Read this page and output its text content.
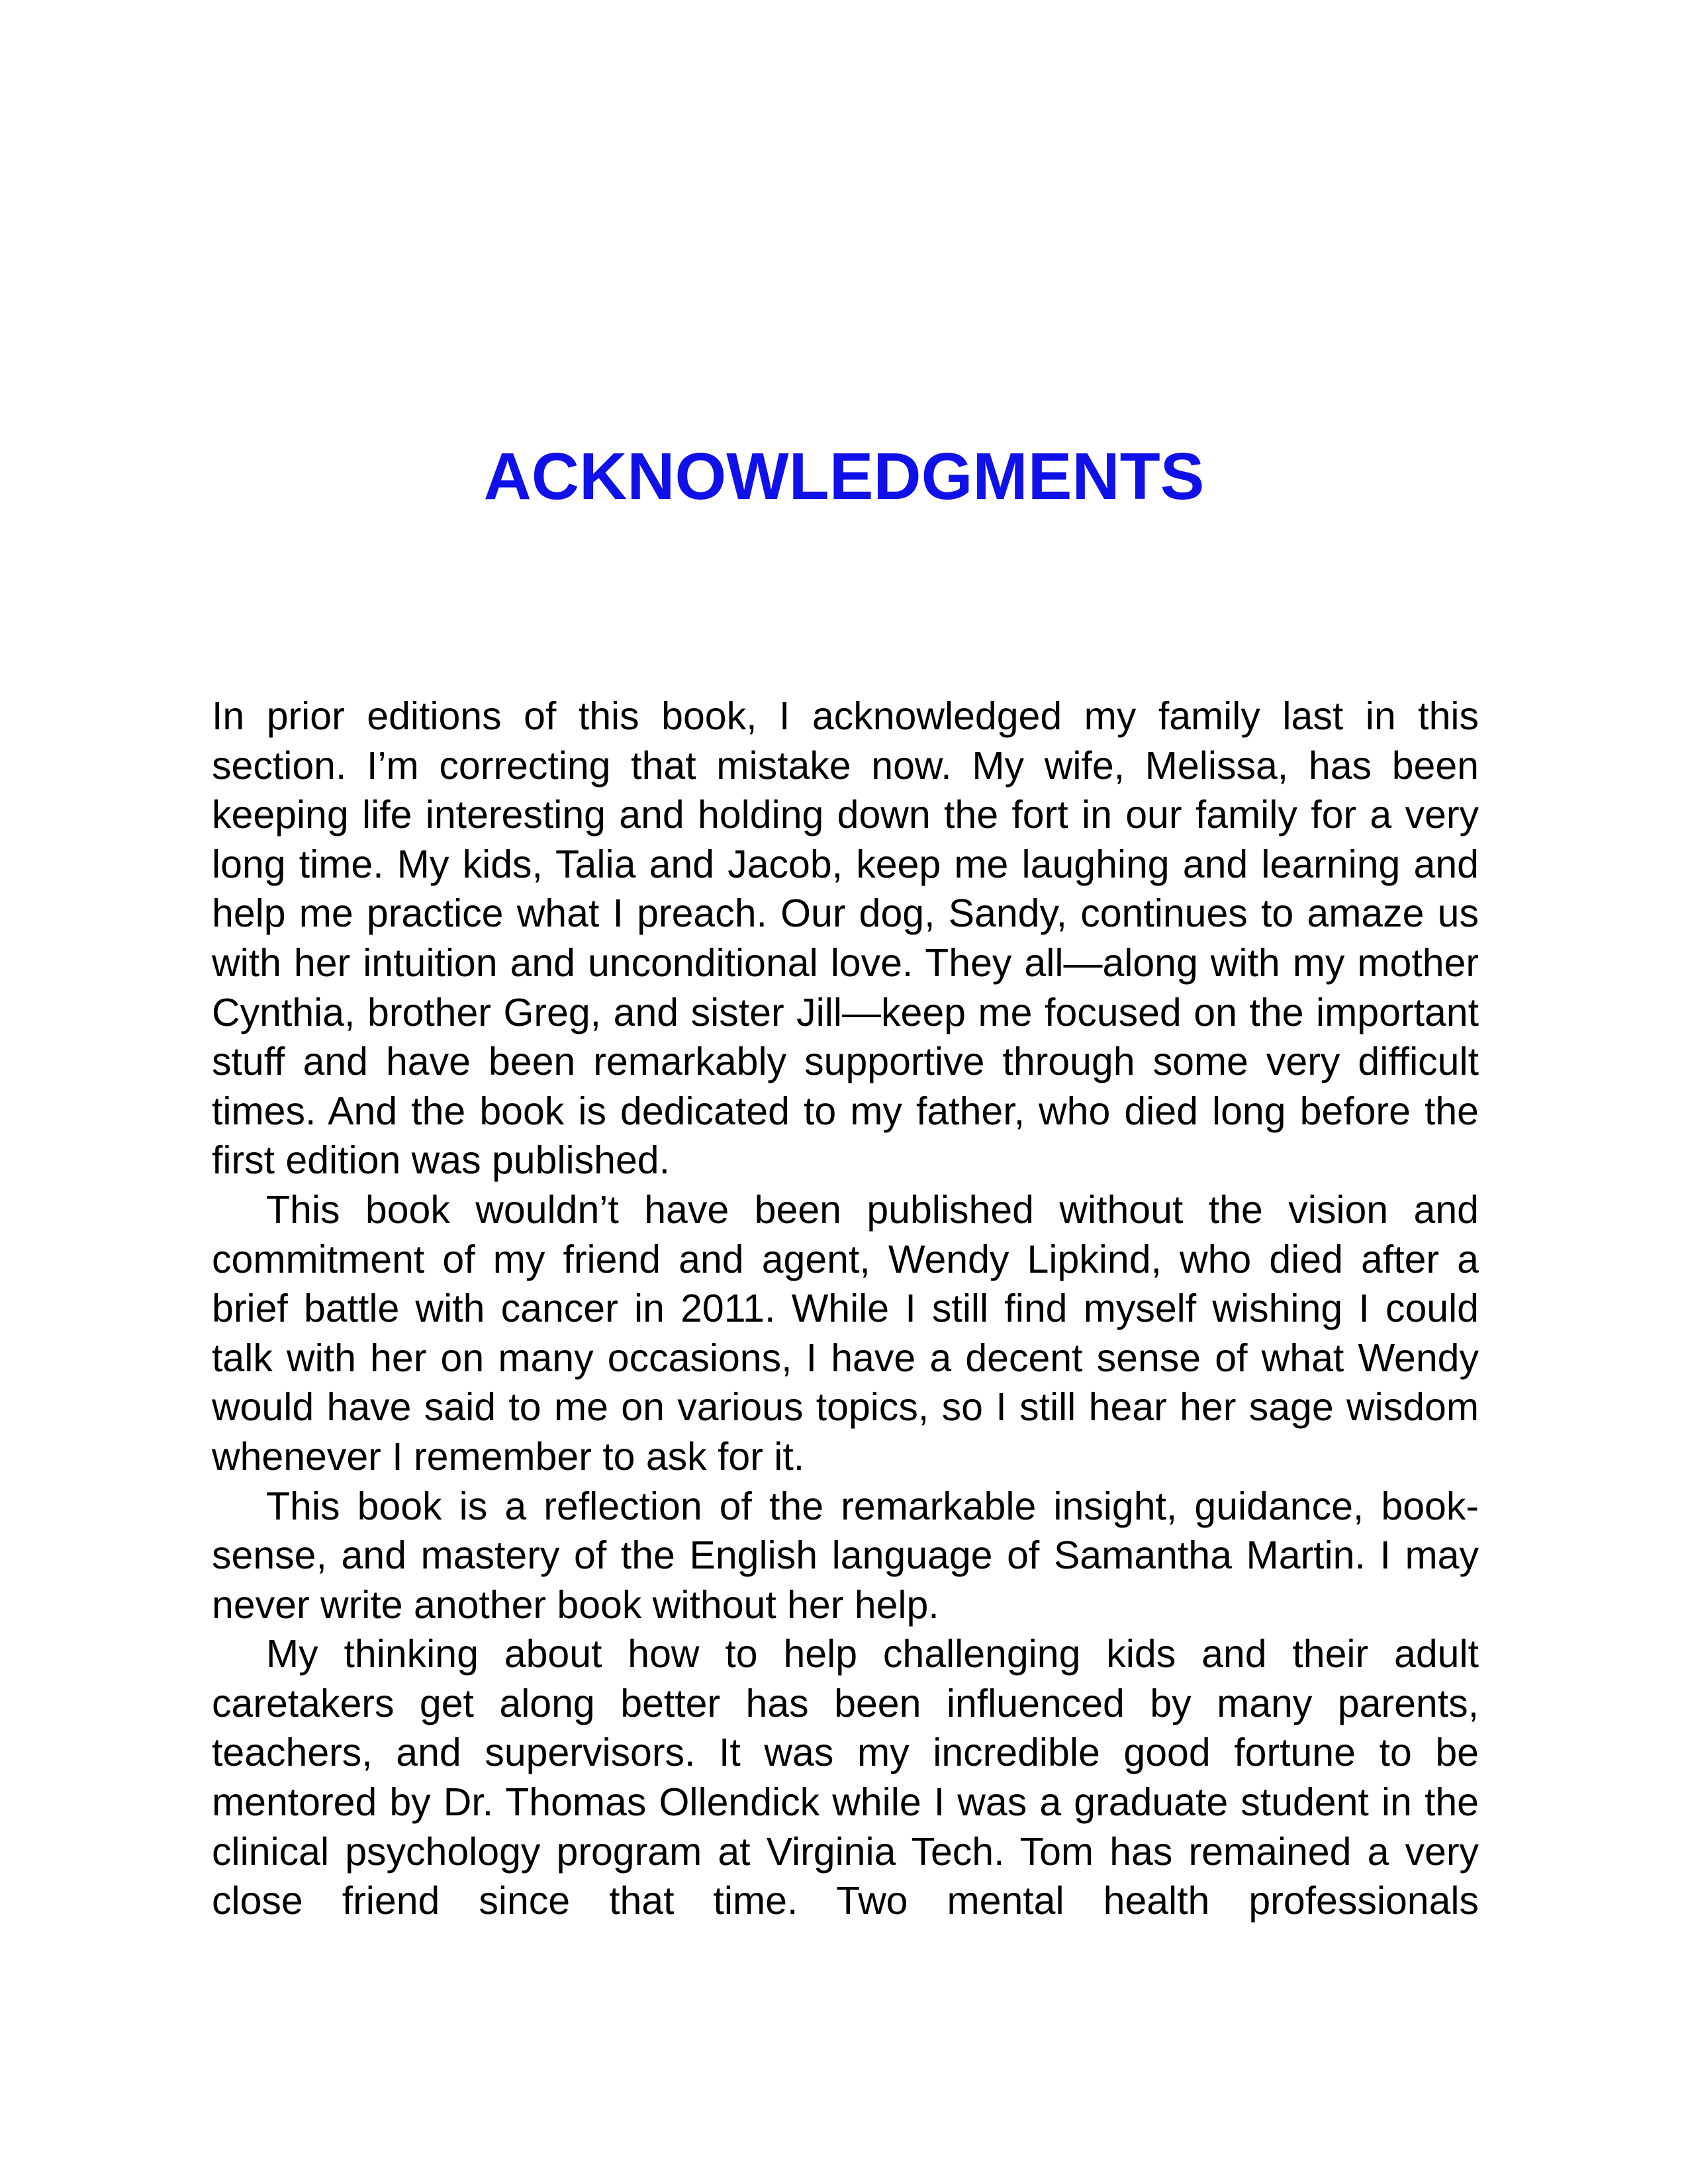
ACKNOWLEDGMENTS

In prior editions of this book, I acknowledged my family last in this section. I’m correcting that mistake now. My wife, Melissa, has been keeping life interesting and holding down the fort in our family for a very long time. My kids, Talia and Jacob, keep me laughing and learning and help me practice what I preach. Our dog, Sandy, continues to amaze us with her intuition and unconditional love. They all—along with my mother Cynthia, brother Greg, and sister Jill—keep me focused on the important stuff and have been remarkably supportive through some very difficult times. And the book is dedicated to my father, who died long before the first edition was published.

This book wouldn’t have been published without the vision and commitment of my friend and agent, Wendy Lipkind, who died after a brief battle with cancer in 2011. While I still find myself wishing I could talk with her on many occasions, I have a decent sense of what Wendy would have said to me on various topics, so I still hear her sage wisdom whenever I remember to ask for it.

This book is a reflection of the remarkable insight, guidance, book-sense, and mastery of the English language of Samantha Martin. I may never write another book without her help.

My thinking about how to help challenging kids and their adult caretakers get along better has been influenced by many parents, teachers, and supervisors. It was my incredible good fortune to be mentored by Dr. Thomas Ollendick while I was a graduate student in the clinical psychology program at Virginia Tech. Tom has remained a very close friend since that time. Two mental health professionals
